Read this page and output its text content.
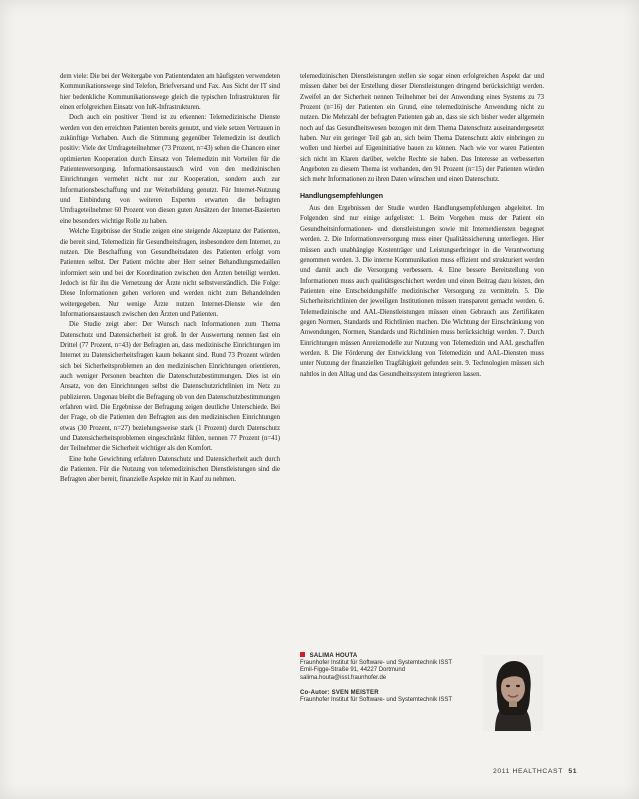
dem viele: Die bei der Weitergabe von Patientendaten am häufigsten verwendeten Kommunikationswege sind Telefon, Briefversand und Fax. Aus Sicht der IT sind hier bedenkliche Kommunikationswege gleich die typischen Infrastrukturen für einen erfolgreichen Einsatz von IuK-Infrastrukturen.

Doch auch ein positiver Trend ist zu erkennen: Telemedizinische Dienste werden von den erreichten Patienten bereits genutzt, und viele setzen Vertrauen in zukünftige Vorhaben. Auch die Stimmung gegenüber Telemedizin ist deutlich positiv: Viele der Umfrageteilnehmer (73 Prozent, n=43) sehen die Chancen einer optimierten Kooperation durch Einsatz von Telemedizin mit Vorteilen für die Patientenversorgung. Informationsaustausch wird von den medizinischen Einrichtungen vermehrt nicht nur zur Kooperation, sondern auch zur Informationsbeschaffung und zur Weiterbildung genutzt. Für Internet-Nutzung und Einbindung von weiteren Experten erwarten die befragten Umfrageteilnehmer 60 Prozent von diesen guten Ansätzen der Internet-Basierten eine besonders wichtige Rolle zu haben.

Welche Ergebnisse der Studie zeigen eine steigende Akzeptanz der Patienten, die bereit sind, Telemedizin für Gesundheitsfragen, insbesondere dem Internet, zu nutzen. Die Beschaffung von Gesundheitsdaten des Patienten erfolgt vom Patienten selbst. Der Patient möchte aber Herr seiner Behandlungsmedaillen informiert sein und bei der Koordination zwischen den Ärzten beteiligt werden. Jedoch ist für ihn die Vernetzung der Ärzte nicht selbstverständlich. Die Folge: Diese Informationen gehen verloren und werden nicht zum Behandelnden weitergegeben. Nur wenige Ärzte nutzen Internet-Dienste wie den Informationsaustausch zwischen den Ärzten und Patienten.

Die Studie zeigt aber: Der Wunsch nach Informationen zum Thema Datenschutz und Datensicherheit ist groß. In der Auswertung nennen fast ein Drittel (77 Prozent, n=43) der Befragten an, dass medizinische Einrichtungen im Internet zu Datensicherheitsfragen kaum bekannt sind. Rund 73 Prozent würden sich bei Sicherheitsproblemen an den medizinischen Einrichtungen orientieren, auch weniger Personen beachten die Datenschutzbestimmungen. Dies ist ein Ansatz, von den Einrichtungen selbst die Datenschutzrichtlinien im Netz zu publizieren. Ungenau bleibt die Befragung ob von den Datenschutzbestimmungen erfahren wird. Die Ergebnisse der Befragung zeigen deutliche Unterschiede. Bei der Frage, ob die Patienten den Befragten aus den medizinischen Einrichtungen etwas (30 Prozent, n=27) beziehungsweise stark (1 Prozent) durch Datenschutz und Datensicherheitsproblemen eingeschränkt fühlen, nennen 77 Prozent (n=41) der Teilnehmer die Sicherheit wichtiger als den Komfort.

Eine hohe Gewichtung erfahren Datenschutz und Datensicherheit auch durch die Patienten. Für die Nutzung von telemedizinischen Dienstleistungen sind die Befragten aber bereit, finanzielle Aspekte mit in Kauf zu nehmen.

telemedizinischen Dienstleistungen stellen sie sogar einen erfolgreichen Aspekt dar und müssen daher bei der Erstellung dieser Dienstleistungen dringend berücksichtigt werden. Zweifel an der Sicherheit nennen Teilnehmer bei der Anwendung eines Systems zu 73 Prozent (n=16) der Patienten ein Grund, eine telemedizinische Anwendung nicht zu nutzen. Die Mehrzahl der befragten Patienten gab an, dass sie sich bisher weder allgemein noch auf das Gesundheitswesen bezogen mit dem Thema Datenschutz auseinandergesetzt haben. Nur ein geringer Teil gab an, sich beim Thema Datenschutz aktiv einbringen zu wollen und hierbei auf Eigeninitiative bauen zu können. Nach wie vor waren Patienten sich nicht im Klaren darüber, welche Rechte sie haben. Das Interesse an verbesserten Angeboten zu diesem Thema ist vorhanden, den 91 Prozent (n=15) der Patienten würden sich mehr Informationen zu ihren Daten wünschen und einen Datenschutz.

Handlungsempfehlungen

Aus den Ergebnissen der Studie wurden Handlungsempfehlungen abgeleitet. Im Folgenden sind nur einige aufgelistet: 1. Beim Vorgehen muss der Patient ein Gesundheitsinformationen- und dienstleistungen sowie mit Internetdiensten begegnet werden. 2. Die Informationsversorgung muss einer Qualitätssicherung unterliegen. Hier müssen auch unabhängige Kostenträger und Leistungserbringer in die Verantwortung genommen werden. 3. Die interne Kommunikation muss effizient und strukturiert werden und damit auch die Versorgung verbessern. 4. Eine bessere Bereitstellung von Informationen muss auch qualitätsgeschichert werden und einen Beitrag dazu leisten, den Patienten eine Entscheidungshilfe medizinischer Versorgung zu vermitteln. 5. Die Sicherheitsrichtlinien der jeweiligen Institutionen müssen transparent gemacht werden. 6. Telemedizinische und AAL-Dienstleistungen müssen einen Gebrauch aus Zertifikaten gegen Normen, Standards und Richtlinien machen. Die Wichtung der Einschränkung von Anwendungen, Normen, Standards und Richtlinien muss berücksichtigt werden. 7. Durch Einrichtungen müssen Anreizmodelle zur Nutzung von Telemedizin und AAL geschaffen werden. 8. Die Förderung der Entwicklung von Telemedizin und AAL-Diensten muss unter Nutzung der finanziellen Tragfähigkeit gefunden sein. 9. Technologien müssen sich nahtlos in den Alltag und das Gesundheitssystem integrieren lassen.

SALIMA HOUTA
Fraunhofer Institut für Software- und Systemtechnik ISST
Emil-Figge-Straße 91, 44227 Dortmund
salima.houta@isst.fraunhofer.de
Co-Autor: SVEN MEISTER
Fraunhofer Institut für Software- und Systemtechnik ISST
2011 HEALTHCAST 51
